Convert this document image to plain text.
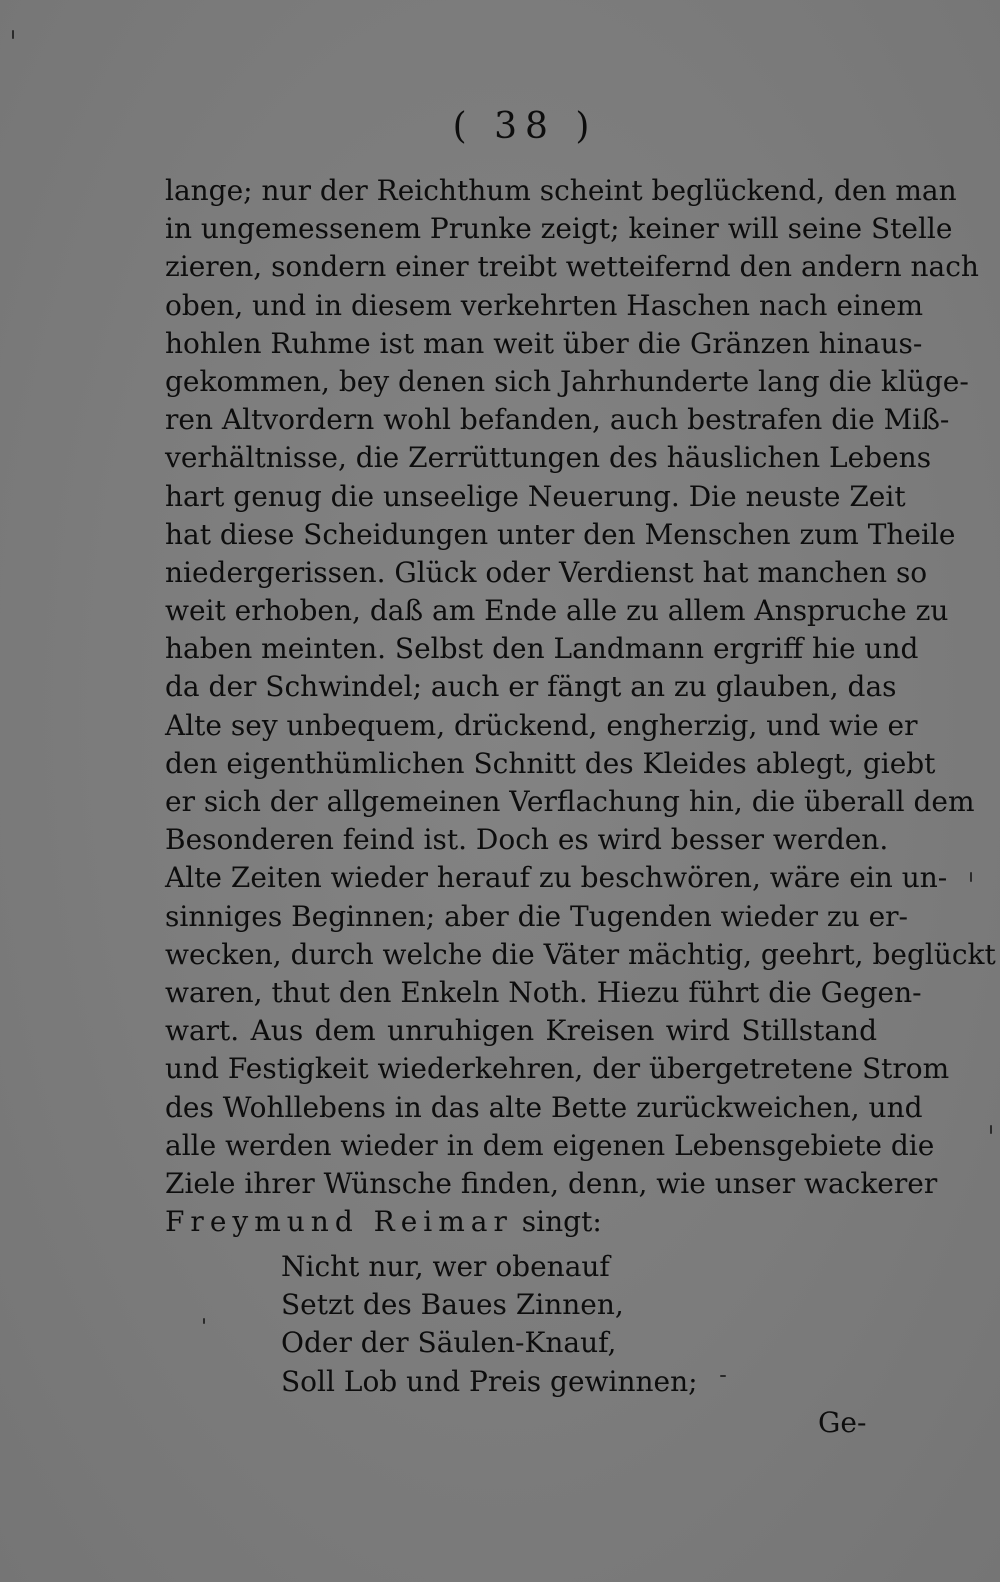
( 38 )
lange; nur der Reichthum scheint beglückend, den man
in ungemessenem Prunke zeigt; keiner will seine Stelle
zieren, sondern einer treibt wetteifernd den andern nach
oben, und in diesem verkehrten Haschen nach einem
hohlen Ruhme ist man weit über die Gränzen hinaus-
gekommen, bey denen sich Jahrhunderte lang die klüge-
ren Altvordern wohl befanden, auch bestrafen die Miß-
verhältnisse, die Zerrüttungen des häuslichen Lebens
hart genug die unseelige Neuerung. Die neuste Zeit
hat diese Scheidungen unter den Menschen zum Theile
niedergerissen. Glück oder Verdienst hat manchen so
weit erhoben, daß am Ende alle zu allem Anspruche zu
haben meinten. Selbst den Landmann ergriff hie und
da der Schwindel; auch er fängt an zu glauben, das
Alte sey unbequem, drückend, engherzig, und wie er
den eigenthümlichen Schnitt des Kleides ablegt, giebt
er sich der allgemeinen Verflachung hin, die überall dem
Besonderen feind ist. Doch es wird besser werden.
Alte Zeiten wieder herauf zu beschwören, wäre ein un-
sinniges Beginnen; aber die Tugenden wieder zu er-
wecken, durch welche die Väter mächtig, geehrt, beglückt
waren, thut den Enkeln Noth. Hiezu führt die Gegen-
wart. Aus dem unruhigen Kreisen wird Stillstand
und Festigkeit wiederkehren, der übergetretene Strom
des Wohllebens in das alte Bette zurückweichen, und
alle werden wieder in dem eigenen Lebensgebiete die
Ziele ihrer Wünsche finden, denn, wie unser wackerer
Freymund Reimar singt:
Nicht nur, wer obenauf
Setzt des Baues Zinnen,
Oder der Säulen-Knauf,
Soll Lob und Preis gewinnen;
Ge-
